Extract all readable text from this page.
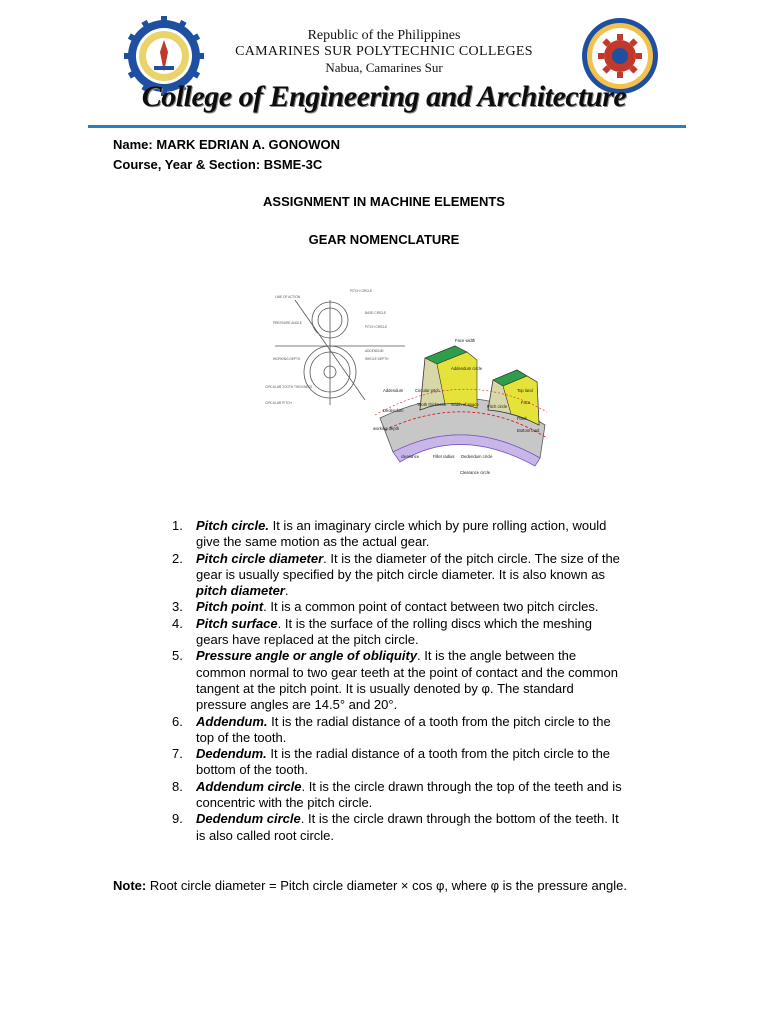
Republic of the Philippines
CAMARINES SUR POLYTECHNIC COLLEGES
Nabua, Camarines Sur
College of Engineering and Architecture
Name: MARK EDRIAN A. GONOWON
Course, Year & Section: BSME-3C
ASSIGNMENT IN MACHINE ELEMENTS
GEAR NOMENCLATURE
PITCH CIRCLE
LINE OF ACTION
PRESSURE ANGLE
BASE CIRCLE
PITCH CIRCLE
WORKING DEPTH
ADDENDUM
WHOLE DEPTH
CIRCULAR TOOTH THICKNESS
CIRCULAR PITCH
Face width
Addendum circle
Circular pitch
Tooth thickness Width of space Pitch circle
Addendum
Dedendum
Top land
Face
Flank
Bottom land
clearance	Fillet radius Dedendum circle
Clearance circle
working depth
1. Pitch circle. It is an imaginary circle which by pure rolling action, would give the same motion as the actual gear.
2. Pitch circle diameter. It is the diameter of the pitch circle. The size of the gear is usually specified by the pitch circle diameter. It is also known as pitch diameter.
3. Pitch point. It is a common point of contact between two pitch circles.
4. Pitch surface. It is the surface of the rolling discs which the meshing gears have replaced at the pitch circle.
5. Pressure angle or angle of obliquity. It is the angle between the common normal to two gear teeth at the point of contact and the common tangent at the pitch point. It is usually denoted by φ. The standard pressure angles are 14.5° and 20°.
6. Addendum. It is the radial distance of a tooth from the pitch circle to the top of the tooth.
7. Dedendum. It is the radial distance of a tooth from the pitch circle to the bottom of the tooth.
8. Addendum circle. It is the circle drawn through the top of the teeth and is concentric with the pitch circle.
9. Dedendum circle. It is the circle drawn through the bottom of the teeth. It is also called root circle.
Note: Root circle diameter = Pitch circle diameter × cos φ, where φ is the pressure angle.
